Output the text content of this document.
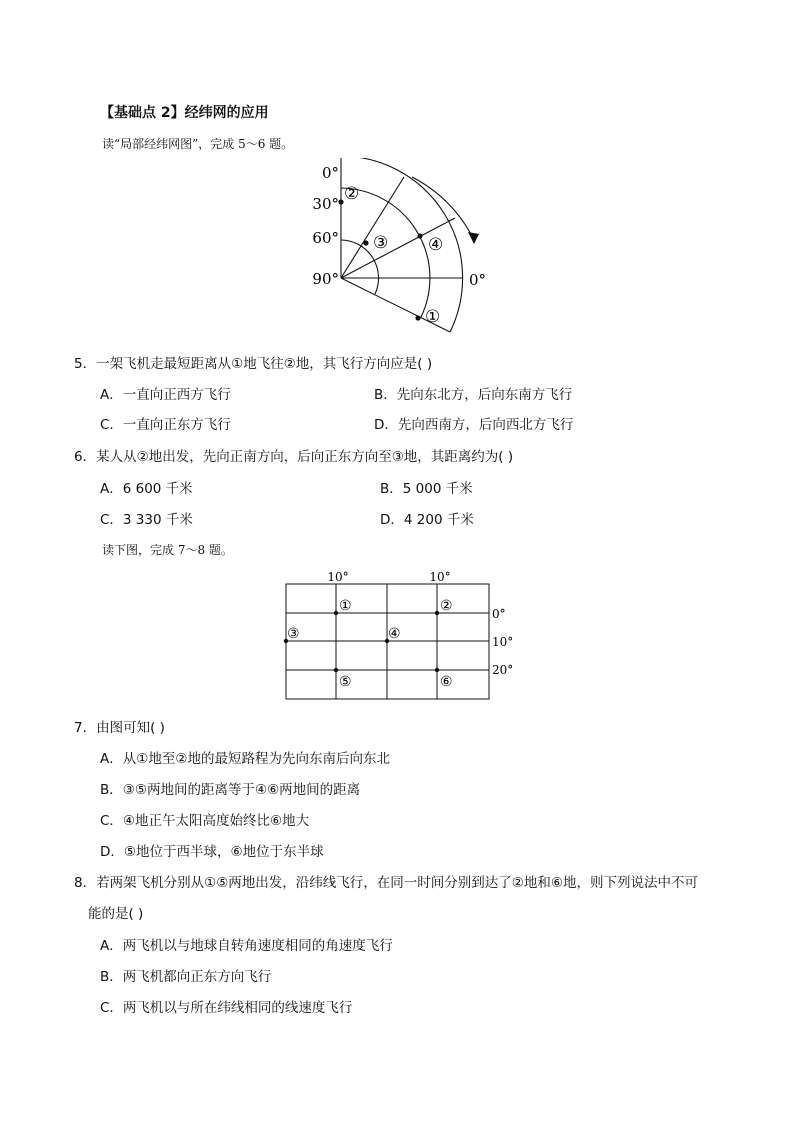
【基础点 2】经纬网的应用
读“局部经纬网图”，完成 5～6 题。
0°
30°
60°
90°	0°
②
③ ④
①
5．一架飞机走最短距离从①地飞往②地，其飞行方向应是( )
A．一直向正西方飞行	B．先向东北方，后向东南方飞行
C．一直向正东方飞行	D．先向西南方，后向西北方飞行
6．某人从②地出发，先向正南方向，后向正东方向至③地，其距离约为( )
A．6 600 千米	B．5 000 千米
C．3 330 千米	D．4 200 千米
读下图，完成 7～8 题。
10°	10°
0°
10°
20°
①	②
③	④
⑤	⑥
7．由图可知( )
A．从①地至②地的最短路程为先向东南后向东北
B．③⑤两地间的距离等于④⑥两地间的距离
C．④地正午太阳高度始终比⑥地大
D．⑤地位于西半球，⑥地位于东半球
8．若两架飞机分别从①⑤两地出发，沿纬线飞行，在同一时间分别到达了②地和⑥地，则下列说法中不可
能的是( )
A．两飞机以与地球自转角速度相同的角速度飞行
B．两飞机都向正东方向飞行
C．两飞机以与所在纬线相同的线速度飞行
